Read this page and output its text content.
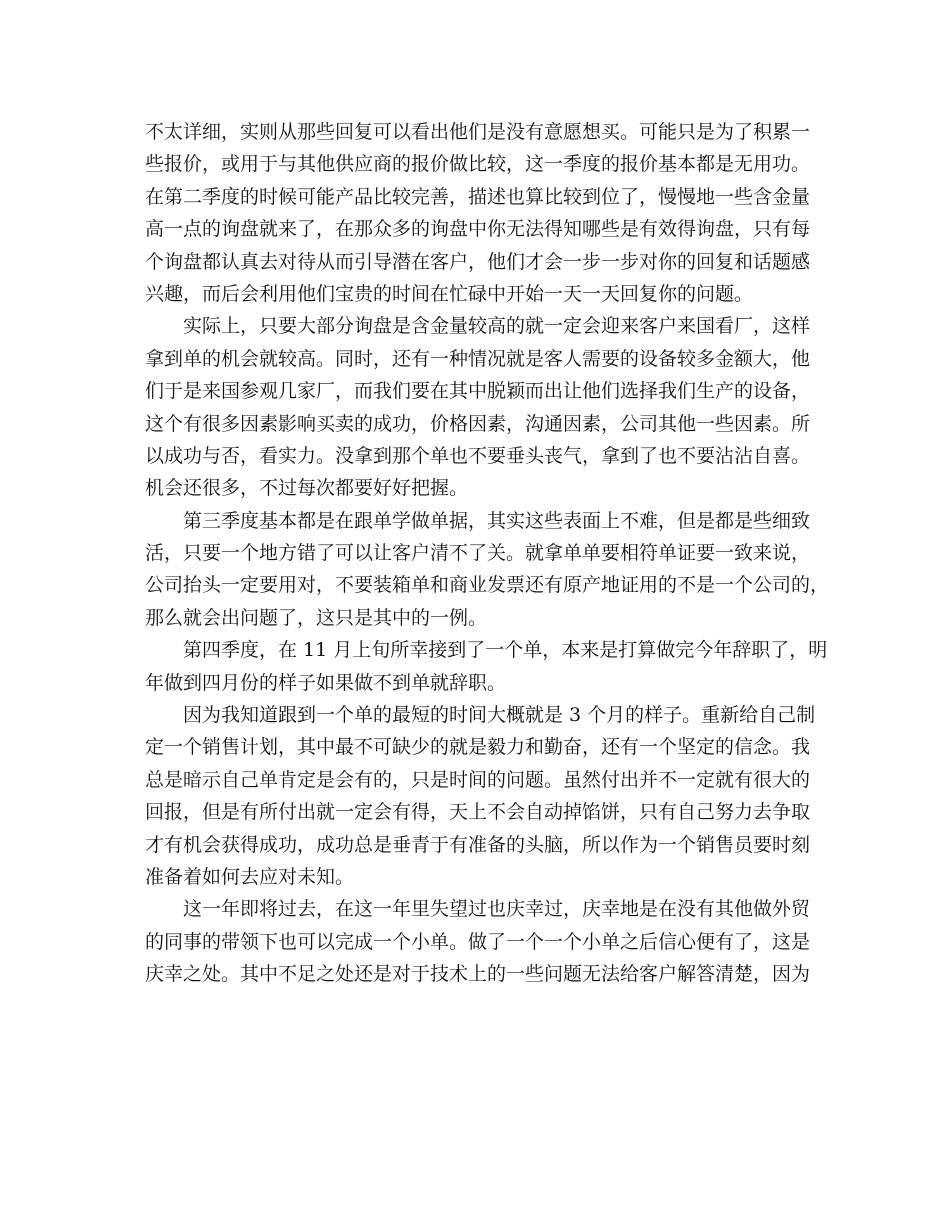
不太详细，实则从那些回复可以看出他们是没有意愿想买。可能只是为了积累一
些报价，或用于与其他供应商的报价做比较，这一季度的报价基本都是无用功。
在第二季度的时候可能产品比较完善，描述也算比较到位了，慢慢地一些含金量
高一点的询盘就来了，在那众多的询盘中你无法得知哪些是有效得询盘，只有每
个询盘都认真去对待从而引导潜在客户，他们才会一步一步对你的回复和话题感
兴趣，而后会利用他们宝贵的时间在忙碌中开始一天一天回复你的问题。
实际上，只要大部分询盘是含金量较高的就一定会迎来客户来国看厂，这样
拿到单的机会就较高。同时，还有一种情况就是客人需要的设备较多金额大，他
们于是来国参观几家厂，而我们要在其中脱颖而出让他们选择我们生产的设备，
这个有很多因素影响买卖的成功，价格因素，沟通因素，公司其他一些因素。所
以成功与否，看实力。没拿到那个单也不要垂头丧气，拿到了也不要沾沾自喜。
机会还很多，不过每次都要好好把握。
第三季度基本都是在跟单学做单据，其实这些表面上不难，但是都是些细致
活，只要一个地方错了可以让客户清不了关。就拿单单要相符单证要一致来说，
公司抬头一定要用对，不要装箱单和商业发票还有原产地证用的不是一个公司的，
那么就会出问题了，这只是其中的一例。
第四季度，在 11 月上旬所幸接到了一个单，本来是打算做完今年辞职了，明
年做到四月份的样子如果做不到单就辞职。
因为我知道跟到一个单的最短的时间大概就是 3 个月的样子。重新给自己制
定一个销售计划，其中最不可缺少的就是毅力和勤奋，还有一个坚定的信念。我
总是暗示自己单肯定是会有的，只是时间的问题。虽然付出并不一定就有很大的
回报，但是有所付出就一定会有得，天上不会自动掉馅饼，只有自己努力去争取
才有机会获得成功，成功总是垂青于有准备的头脑，所以作为一个销售员要时刻
准备着如何去应对未知。
这一年即将过去，在这一年里失望过也庆幸过，庆幸地是在没有其他做外贸
的同事的带领下也可以完成一个小单。做了一个一个小单之后信心便有了，这是
庆幸之处。其中不足之处还是对于技术上的一些问题无法给客户解答清楚，因为
